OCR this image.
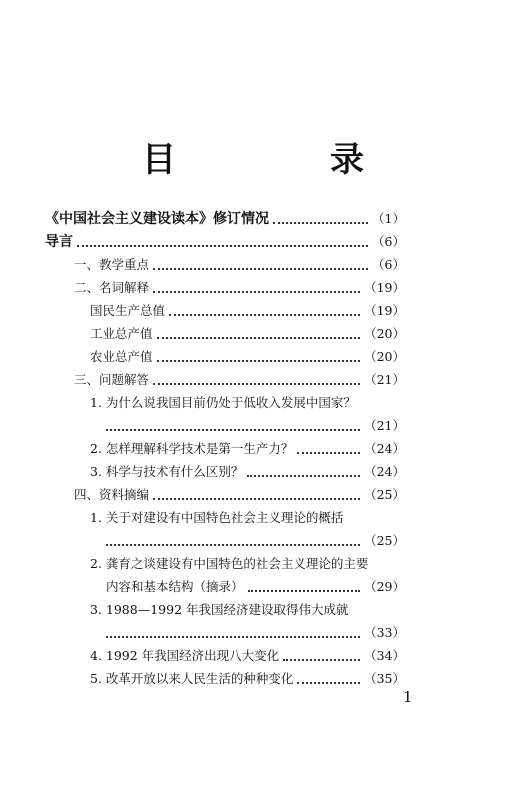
目　录
《中国社会主义建设读本》修订情况	（1）
导言	（6）
一、教学重点	（6）
二、名词解释	（19）
国民生产总值	（19）
工业总产值	（20）
农业总产值	（20）
三、问题解答	（21）
1. 为什么说我国目前仍处于低收入发展中国家？
（21）
2. 怎样理解科学技术是第一生产力？	（24）
3. 科学与技术有什么区别？	（24）
四、资料摘编	（25）
1. 关于对建设有中国特色社会主义理论的概括
（25）
2. 龚育之谈建设有中国特色的社会主义理论的主要
内容和基本结构（摘录）	（29）
3. 1988—1992 年我国经济建设取得伟大成就
（33）
4. 1992 年我国经济出现八大变化	（34）
5. 改革开放以来人民生活的种种变化	（35）
1
